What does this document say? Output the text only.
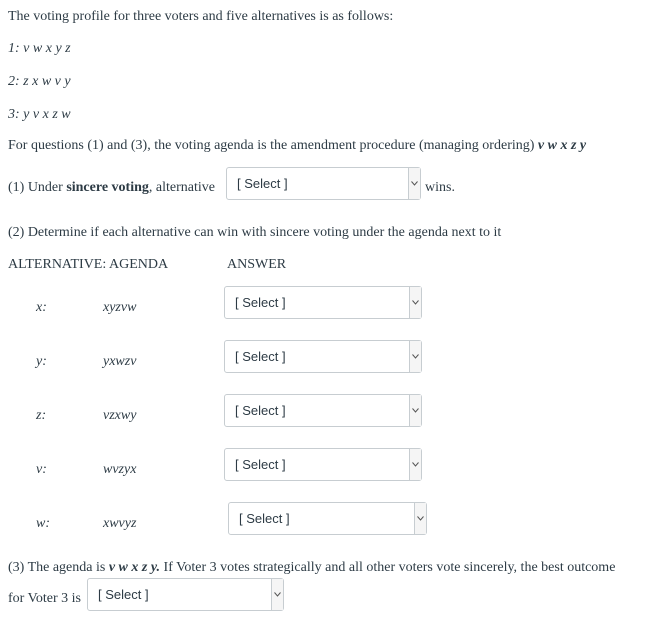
The voting profile for three voters and five alternatives is as follows:
1: v w x y z
2: z x w v y
3: y v x z w
For questions (1) and (3), the voting agenda is the amendment procedure (managing ordering) v w x z y
(1) Under sincere voting, alternative [ Select ]	wins.
(2) Determine if each alternative can win with sincere voting under the agenda next to it
ALTERNATIVE: AGENDA	ANSWER
x:	xyzvw	[ Select ]
y:	yxwzv	[ Select ]
z:	vzxwy	[ Select ]
v:	wvzyx	[ Select ]
w:	xwvyz	[ Select ]
(3) The agenda is v w x z y. If Voter 3 votes strategically and all other voters vote sincerely, the best outcome
for Voter 3 is [ Select ]
